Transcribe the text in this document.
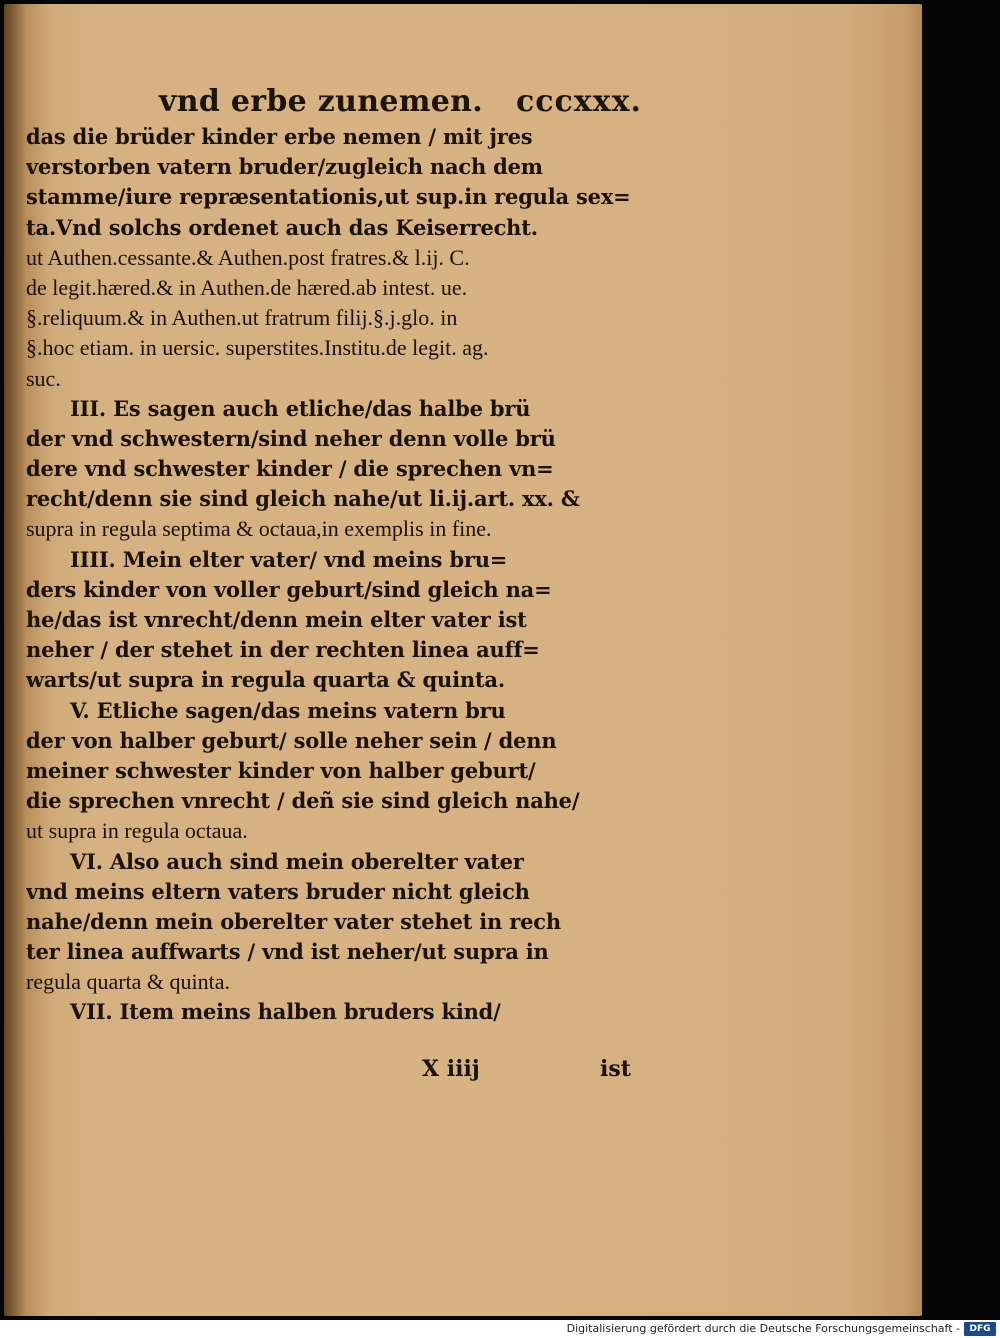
vnd erbe zunemen. cccxxx.
das die brüder kinder erbe nemen / mit jres
verstorben vatern bruder/zugleich nach dem
stamme/iure repræsentationis,ut sup.in regula sex=
ta.Vnd solchs ordenet auch das Keiserrecht.
ut Authen.cessante.& Authen.post fratres.& l.ij. C.
de legit.hæred.& in Authen.de hæred.ab intest. ue.
§.reliquum.& in Authen.ut fratrum filij.§.j.glo. in
§.hoc etiam. in uersic. superstites.Institu.de legit. ag.
suc.
III. Es sagen auch etliche/das halbe brü
der vnd schwestern/sind neher denn volle brü
dere vnd schwester kinder / die sprechen vn=
recht/denn sie sind gleich nahe/ut li.ij.art. xx. &
supra in regula septima & octaua,in exemplis in fine.
IIII. Mein elter vater/ vnd meins bru=
ders kinder von voller geburt/sind gleich na=
he/das ist vnrecht/denn mein elter vater ist
neher / der stehet in der rechten linea auff=
warts/ut supra in regula quarta & quinta.
V. Etliche sagen/das meins vatern bru
der von halber geburt/ solle neher sein / denn
meiner schwester kinder von halber geburt/
die sprechen vnrecht / deñ sie sind gleich nahe/
ut supra in regula octaua.
VI. Also auch sind mein oberelter vater
vnd meins eltern vaters bruder nicht gleich
nahe/denn mein oberelter vater stehet in rech
ter linea auffwarts / vnd ist neher/ut supra in
regula quarta & quinta.
VII. Item meins halben bruders kind/
X iiij	ist
Digitalisierung gefördert durch die Deutsche Forschungsgemeinschaft -	DFG
